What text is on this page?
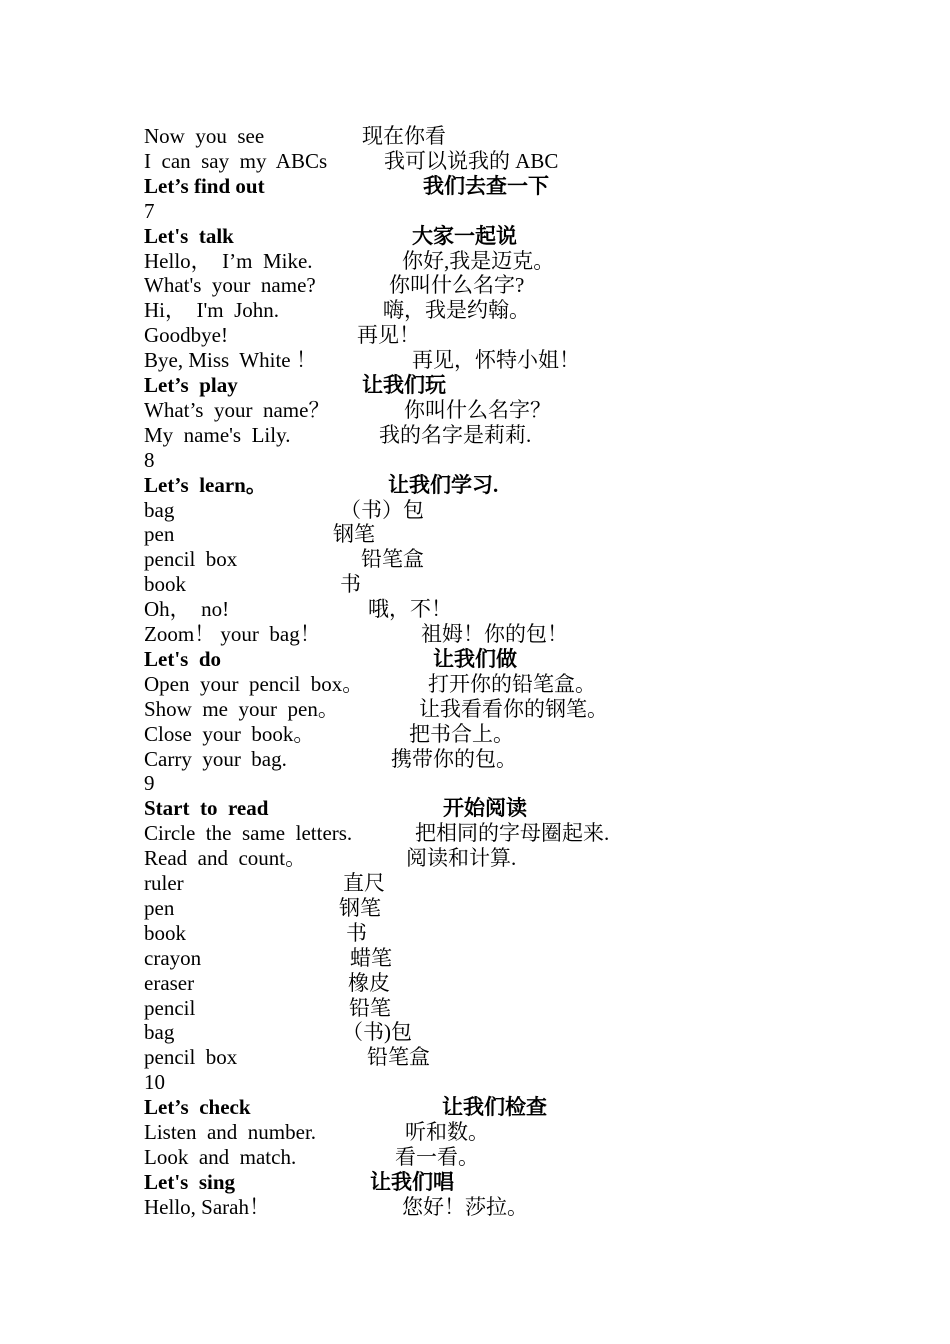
Now  you  see	现在你看
I  can  say  my  ABCs	我可以说我的 ABC
Let’s find out	我们去查一下
7
Let's  talk	大家一起说
Hello，  I’m  Mike.	你好,我是迈克。
What's  your  name?	你叫什么名字?
Hi，  I'm  John.	嗨，我是约翰。
Goodbye!	再见！
Bye, Miss  White ！	再见，怀特小姐！
Let’s  play	让我们玩
What’s  your  name？	你叫什么名字？
My  name's  Lily.	我的名字是莉莉.
8
Let’s  learn。	让我们学习.
bag	（书）包
pen	钢笔
pencil  box	铅笔盒
book	书
Oh，  no!	哦，不！
Zoom！ your  bag！	祖姆！你的包！
Let's  do	让我们做
Open  your  pencil  box。	打开你的铅笔盒。
Show  me  your  pen。	让我看看你的钢笔。
Close  your  book。	把书合上。
Carry  your  bag.	携带你的包。
9
Start  to  read	开始阅读
Circle  the  same  letters.	把相同的字母圈起来.
Read  and  count。	阅读和计算.
ruler	直尺
pen	钢笔
book	书
crayon	蜡笔
eraser	橡皮
pencil	铅笔
bag	（书)包
pencil  box	铅笔盒
10
Let’s  check	让我们检查
Listen  and  number.	听和数。
Look  and  match.	看一看。
Let's  sing	让我们唱
Hello, Sarah！	您好！莎拉。
